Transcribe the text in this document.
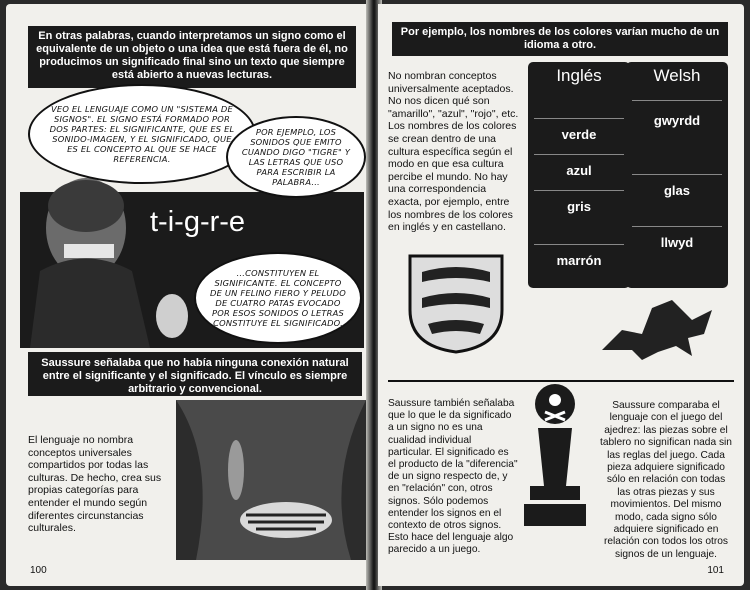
En otras palabras, cuando interpretamos un signo como el equivalente de un objeto o una idea que está fuera de él, no producimos un significado final sino un texto que siempre está abierto a nuevas lecturas.
t-i-g-r-e
VEO EL LENGUAJE COMO UN "SISTEMA DE SIGNOS". EL SIGNO ESTÁ FORMADO POR DOS PARTES: EL SIGNIFICANTE, QUE ES EL SONIDO-IMAGEN, Y EL SIGNIFICADO, QUE ES EL CONCEPTO AL QUE SE HACE REFERENCIA.
POR EJEMPLO, LOS SONIDOS QUE EMITO CUANDO DIGO "TIGRE" Y LAS LETRAS QUE USO PARA ESCRIBIR LA PALABRA...
...CONSTITUYEN EL SIGNIFICANTE. EL CONCEPTO DE UN FELINO FIERO Y PELUDO DE CUATRO PATAS EVOCADO POR ESOS SONIDOS O LETRAS CONSTITUYE EL SIGNIFICADO.
Saussure señalaba que no había ninguna conexión natural entre el significante y el significado. El vínculo es siempre arbitrario y convencional.
El lenguaje no nombra conceptos universales compartidos por todas las culturas. De hecho, crea sus propias categorías para entender el mundo según diferentes circunstancias culturales.
100
Por ejemplo, los nombres de los colores varían mucho de un idioma a otro.
No nombran conceptos universalmente aceptados. No nos dicen qué son "amarillo", "azul", "rojo", etc. Los nombres de los colores se crean dentro de una cultura específica según el modo en que esa cultura percibe el mundo. No hay una correspondencia exacta, por ejemplo, entre los nombres de los colores en inglés y en castellano.
Inglés
verde
azul
gris
marrón
Welsh
gwyrdd
glas
llwyd
Saussure también señalaba que lo que le da significado a un signo no es una cualidad individual particular. El significado es el producto de la "diferencia" de un signo respecto de, y en "relación" con, otros signos. Sólo podemos entender los signos en el contexto de otros signos. Esto hace del lenguaje algo parecido a un juego.
Saussure comparaba el lenguaje con el juego del ajedrez: las piezas sobre el tablero no significan nada sin las reglas del juego. Cada pieza adquiere significado sólo en relación con todas las otras piezas y sus movimientos. Del mismo modo, cada signo sólo adquiere significado en relación con todos los otros signos de un lenguaje.
101
